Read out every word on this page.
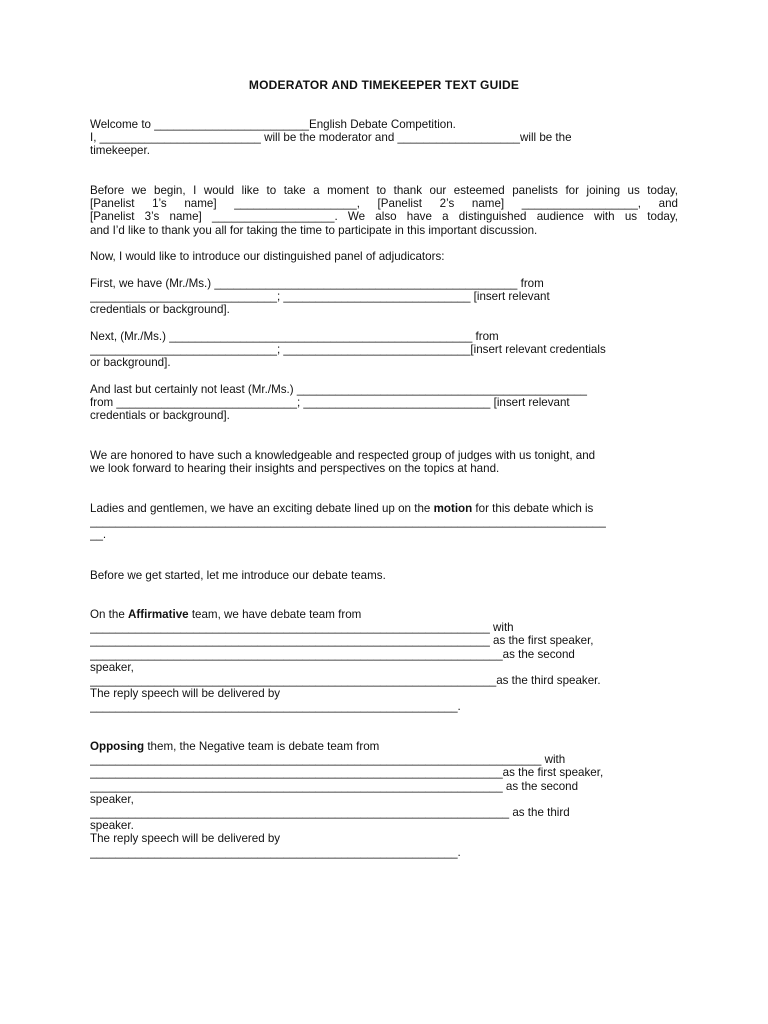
MODERATOR AND TIMEKEEPER TEXT GUIDE
Welcome to ________________________English Debate Competition.
I, _________________________ will be the moderator and ___________________will be the
timekeeper.
Before we begin, I would like to take a moment to thank our esteemed panelists for joining us today,
[Panelist 1’s name] ___________________, [Panelist 2’s name] __________________, and
[Panelist 3’s name] ___________________. We also have a distinguished audience with us today,
and I’d like to thank you all for taking the time to participate in this important discussion.
Now, I would like to introduce our distinguished panel of adjudicators:
First, we have (Mr./Ms.) _______________________________________________ from
_____________________________; _____________________________ [insert relevant
credentials or background].
Next, (Mr./Ms.) _______________________________________________ from
_____________________________; _____________________________[insert relevant credentials
or background].
And last but certainly not least (Mr./Ms.) _____________________________________________
from ____________________________; _____________________________ [insert relevant
credentials or background].
We are honored to have such a knowledgeable and respected group of judges with us tonight, and
we look forward to hearing their insights and perspectives on the topics at hand.
Ladies and gentlemen, we have an exciting debate lined up on the motion for this debate which is
________________________________________________________________________________
__.
Before we get started, let me introduce our debate teams.
On the Affirmative team, we have debate team from
______________________________________________________________ with
______________________________________________________________ as the first speaker,
________________________________________________________________as the second
speaker,
_______________________________________________________________as the third speaker.
The reply speech will be delivered by
_________________________________________________________.
Opposing them, the Negative team is debate team from
______________________________________________________________________ with
________________________________________________________________as the first speaker,
________________________________________________________________ as the second
speaker,
_________________________________________________________________ as the third
speaker.
The reply speech will be delivered by
_________________________________________________________.
